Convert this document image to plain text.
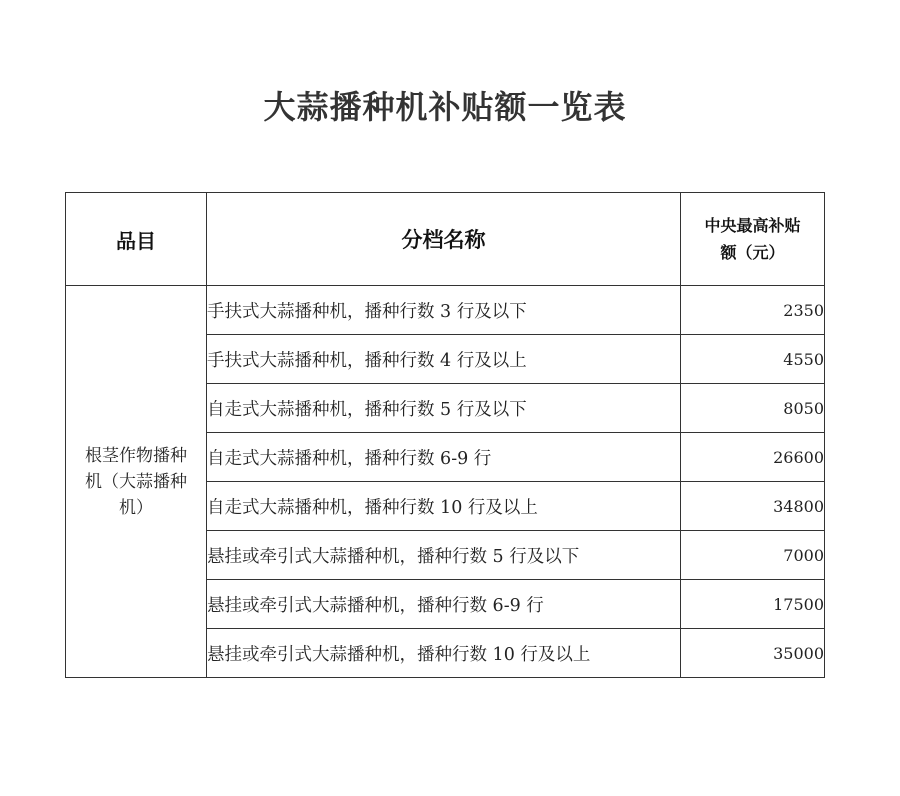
大蒜播种机补贴额一览表
品目	分档名称	中央最高补贴
额（元）

根茎作物播种
机（大蒜播种
机）	手扶式大蒜播种机，播种行数 3 行及以下	2350
	手扶式大蒜播种机，播种行数 4 行及以上	4550
	自走式大蒜播种机，播种行数 5 行及以下	8050
	自走式大蒜播种机，播种行数 6-9 行	26600
	自走式大蒜播种机，播种行数 10 行及以上	34800
	悬挂或牵引式大蒜播种机，播种行数 5 行及以下	7000
	悬挂或牵引式大蒜播种机，播种行数 6-9 行	17500
	悬挂或牵引式大蒜播种机，播种行数 10 行及以上	35000
